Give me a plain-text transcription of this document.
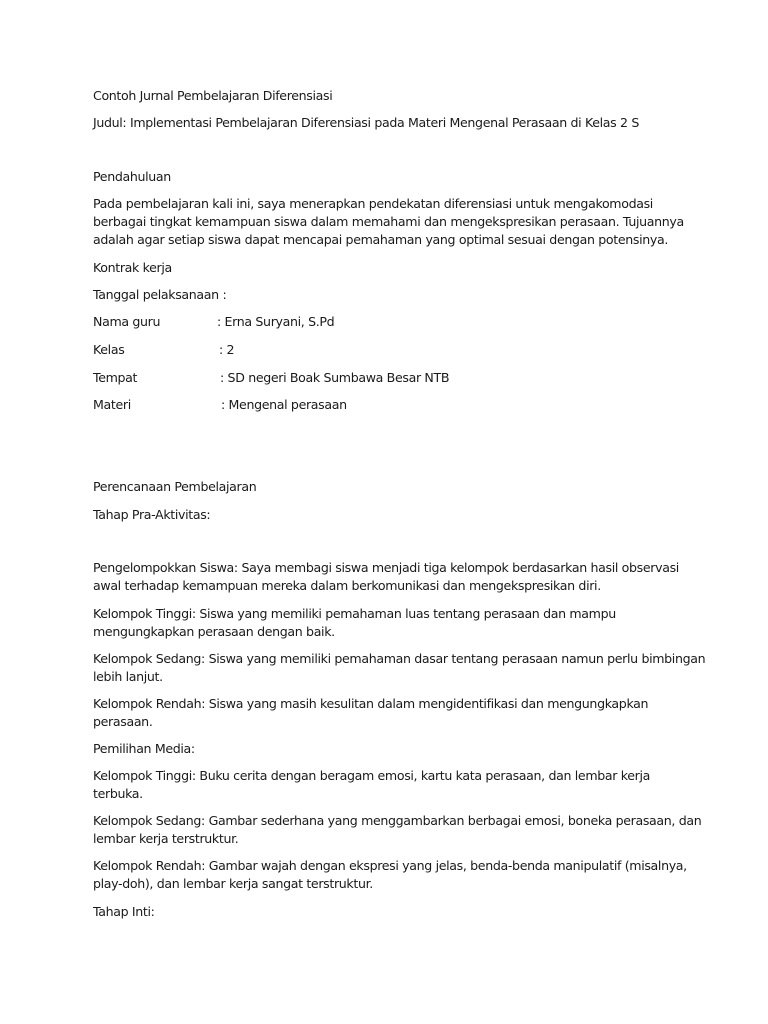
Contoh Jurnal Pembelajaran Diferensiasi
Judul: Implementasi Pembelajaran Diferensiasi pada Materi Mengenal Perasaan di Kelas 2 S
Pendahuluan
Pada pembelajaran kali ini, saya menerapkan pendekatan diferensiasi untuk mengakomodasi
berbagai tingkat kemampuan siswa dalam memahami dan mengekspresikan perasaan. Tujuannya
adalah agar setiap siswa dapat mencapai pemahaman yang optimal sesuai dengan potensinya.
Kontrak kerja
Tanggal pelaksanaan :
Nama guru	: Erna Suryani, S.Pd
Kelas	: 2
Tempat	: SD negeri Boak Sumbawa Besar NTB
Materi	: Mengenal perasaan
Perencanaan Pembelajaran
Tahap Pra-Aktivitas:
Pengelompokkan Siswa: Saya membagi siswa menjadi tiga kelompok berdasarkan hasil observasi
awal terhadap kemampuan mereka dalam berkomunikasi dan mengekspresikan diri.
Kelompok Tinggi: Siswa yang memiliki pemahaman luas tentang perasaan dan mampu
mengungkapkan perasaan dengan baik.
Kelompok Sedang: Siswa yang memiliki pemahaman dasar tentang perasaan namun perlu bimbingan
lebih lanjut.
Kelompok Rendah: Siswa yang masih kesulitan dalam mengidentifikasi dan mengungkapkan
perasaan.
Pemilihan Media:
Kelompok Tinggi: Buku cerita dengan beragam emosi, kartu kata perasaan, dan lembar kerja
terbuka.
Kelompok Sedang: Gambar sederhana yang menggambarkan berbagai emosi, boneka perasaan, dan
lembar kerja terstruktur.
Kelompok Rendah: Gambar wajah dengan ekspresi yang jelas, benda-benda manipulatif (misalnya,
play-doh), dan lembar kerja sangat terstruktur.
Tahap Inti:
